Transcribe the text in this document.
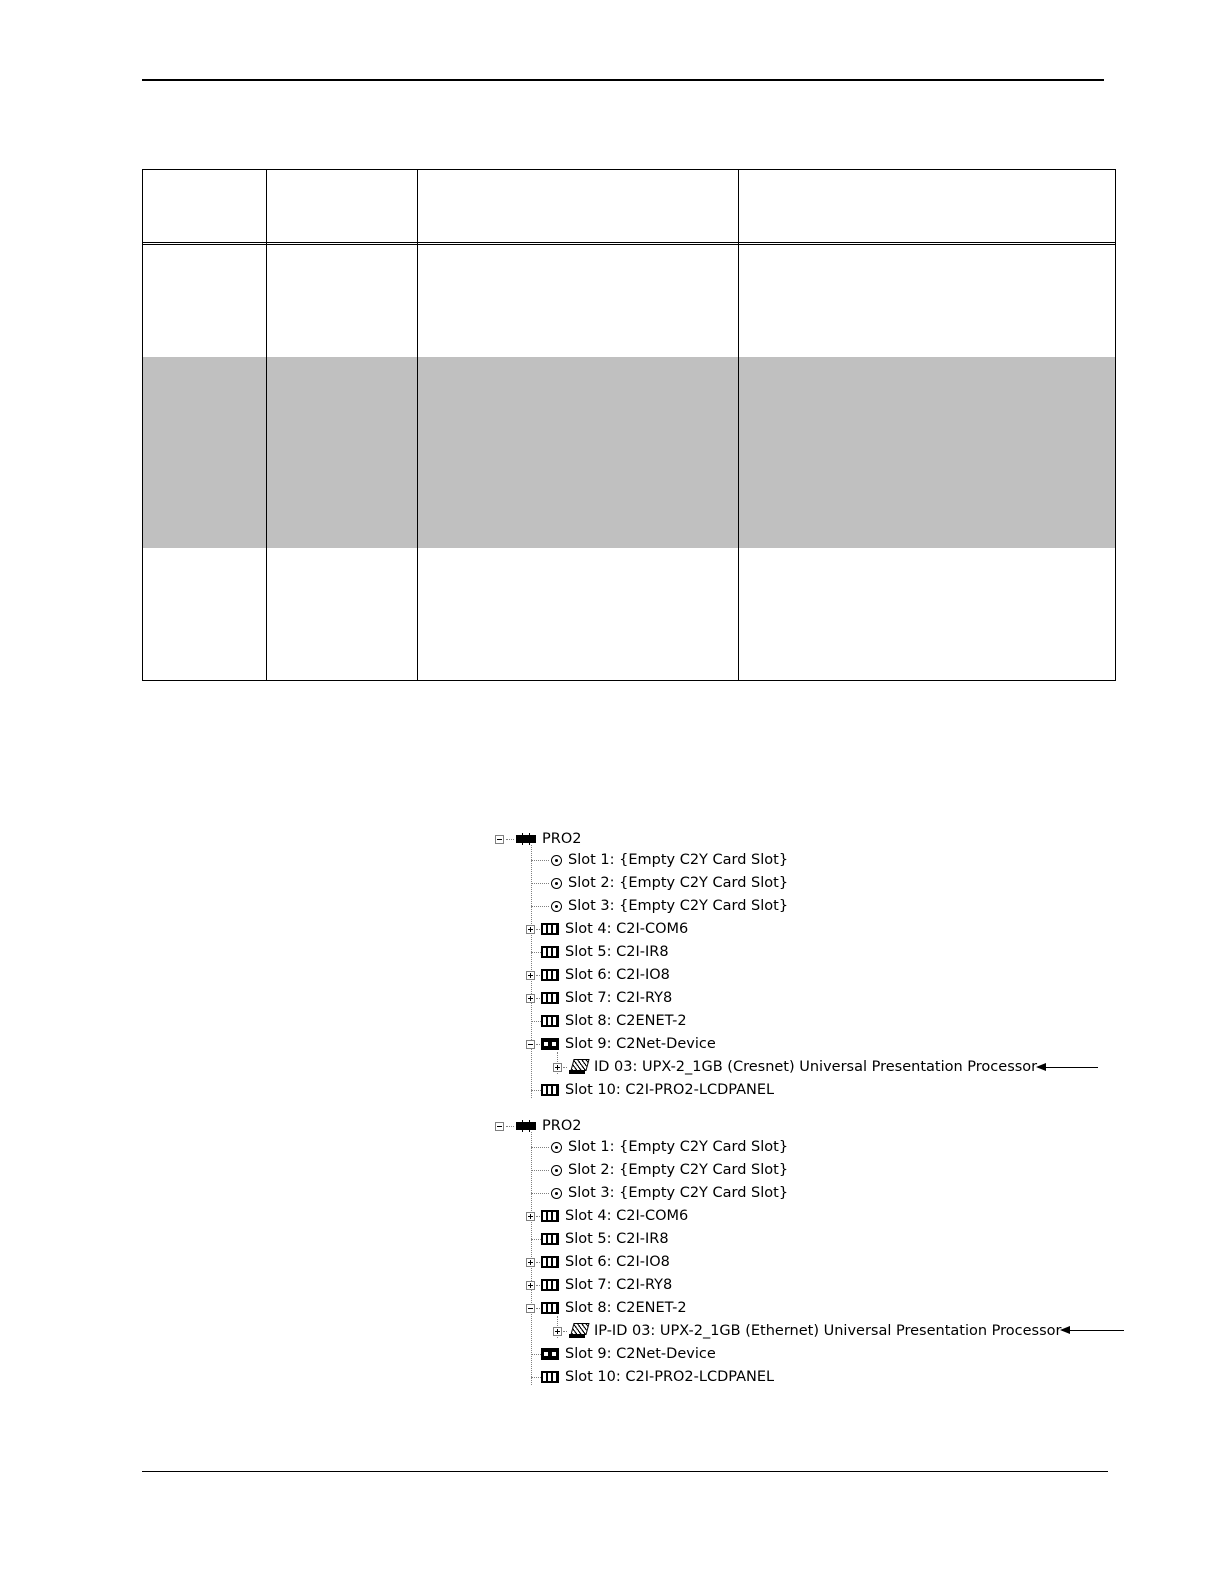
PRO2
Slot 1: {Empty C2Y Card Slot}
Slot 2: {Empty C2Y Card Slot}
Slot 3: {Empty C2Y Card Slot}
Slot 4: C2I-COM6
Slot 5: C2I-IR8
Slot 6: C2I-IO8
Slot 7: C2I-RY8
Slot 8: C2ENET-2
Slot 9: C2Net-Device
ID 03: UPX-2_1GB (Cresnet) Universal Presentation Processor
Slot 10: C2I-PRO2-LCDPANEL
PRO2
Slot 1: {Empty C2Y Card Slot}
Slot 2: {Empty C2Y Card Slot}
Slot 3: {Empty C2Y Card Slot}
Slot 4: C2I-COM6
Slot 5: C2I-IR8
Slot 6: C2I-IO8
Slot 7: C2I-RY8
Slot 8: C2ENET-2
IP-ID 03: UPX-2_1GB (Ethernet) Universal Presentation Processor
Slot 9: C2Net-Device
Slot 10: C2I-PRO2-LCDPANEL
